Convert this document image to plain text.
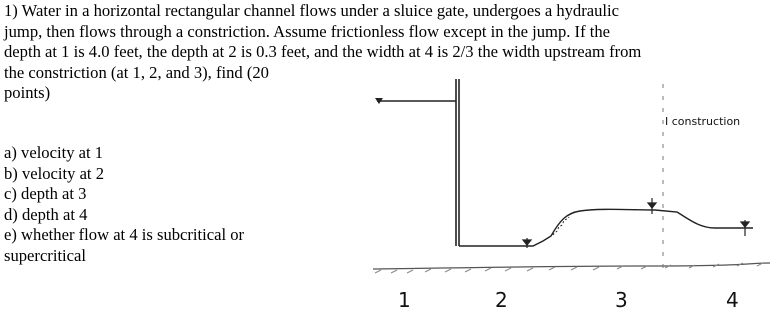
1) Water in a horizontal rectangular channel flows under a sluice gate, undergoes a hydraulic
jump, then flows through a constriction. Assume frictionless flow except in the jump. If the
depth at 1 is 4.0 feet, the depth at 2 is 0.3 feet, and the width at 4 is 2/3 the width upstream from
the constriction (at 1, 2, and 3), find (20
points)
a) velocity at 1
b) velocity at 2
c) depth at 3
d) depth at 4
e) whether flow at 4 is subcritical or
supercritical
I construction
1	2	3	4
